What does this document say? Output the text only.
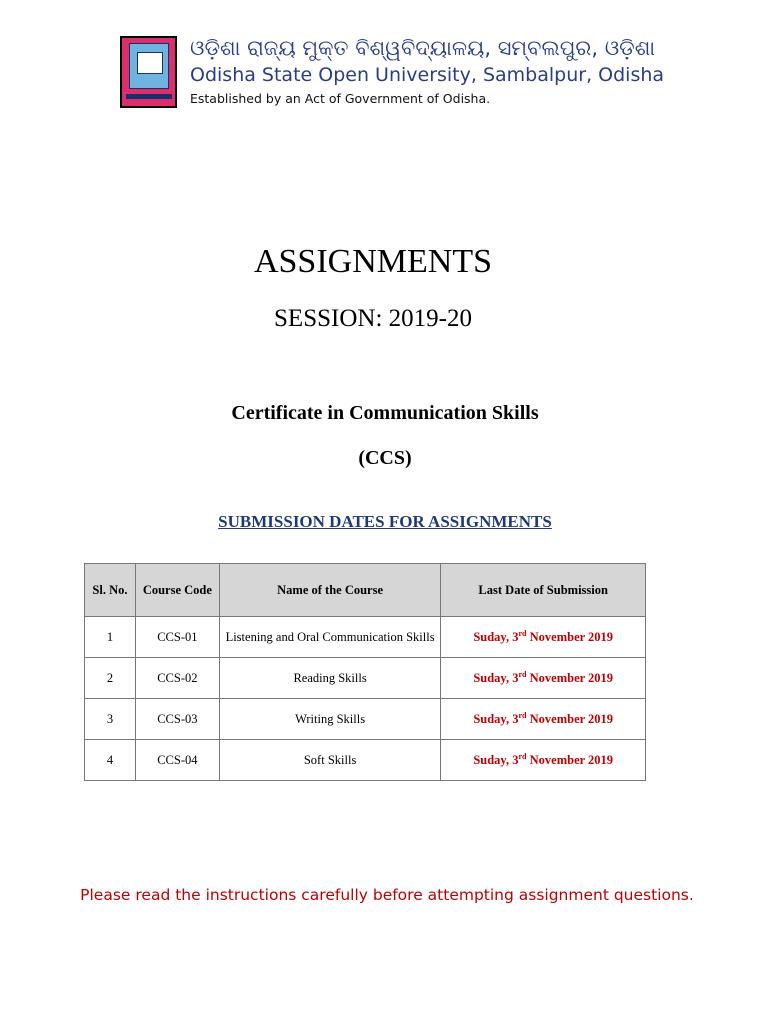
ଓଡ଼ିଶା ରାଜ୍ୟ ମୁକ୍ତ ବିଶ୍ୱବିଦ୍ୟାଳୟ, ସମ୍ବଲପୁର, ଓଡ଼ିଶା
Odisha State Open University, Sambalpur, Odisha
Established by an Act of Government of Odisha.
ASSIGNMENTS
SESSION: 2019-20
Certificate in Communication Skills
(CCS)
SUBMISSION DATES FOR ASSIGNMENTS
Sl. No.	Course Code	Name of the Course	Last Date of Submission
1	CCS-01	Listening and Oral Communication Skills	Suday, 3rd November 2019
2	CCS-02	Reading Skills	Suday, 3rd November 2019
3	CCS-03	Writing Skills	Suday, 3rd November 2019
4	CCS-04	Soft Skills	Suday, 3rd November 2019
Please read the instructions carefully before attempting assignment questions.
